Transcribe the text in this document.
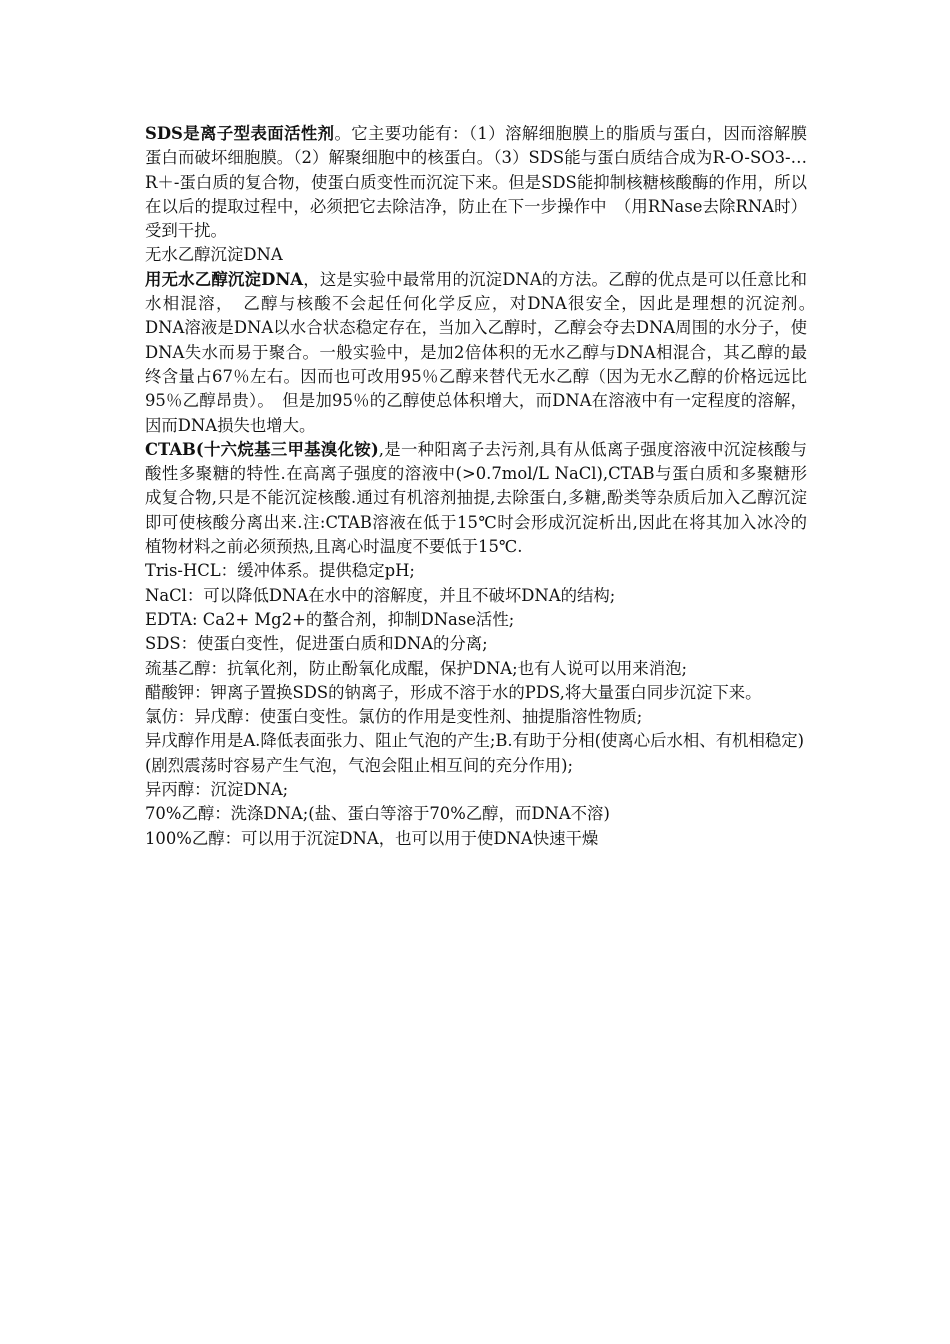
SDS是离子型表面活性剂。它主要功能有：（1）溶解细胞膜上的脂质与蛋白，因而溶解膜蛋白而破坏细胞膜。（2）解聚细胞中的核蛋白。（3）SDS能与蛋白质结合成为R-O-SO3-…R＋-蛋白质的复合物，使蛋白质变性而沉淀下来。但是SDS能抑制核糖核酸酶的作用，所以在以后的提取过程中，必须把它去除洁净，防止在下一步操作中　（用RNase去除RNA时）受到干扰。

无水乙醇沉淀DNA

用无水乙醇沉淀DNA，这是实验中最常用的沉淀DNA的方法。乙醇的优点是可以任意比和水相混溶，　乙醇与核酸不会起任何化学反应，对DNA很安全，因此是理想的沉淀剂。　DNA溶液是DNA以水合状态稳定存在，当加入乙醇时，乙醇会夺去DNA周围的水分子，使DNA失水而易于聚合。一般实验中，是加2倍体积的无水乙醇与DNA相混合，其乙醇的最终含量占67％左右。因而也可改用95％乙醇来替代无水乙醇（因为无水乙醇的价格远远比95％乙醇昂贵）。　但是加95％的乙醇使总体积增大，而DNA在溶液中有一定程度的溶解，因而DNA损失也增大。

CTAB(十六烷基三甲基溴化铵),是一种阳离子去污剂,具有从低离子强度溶液中沉淀核酸与酸性多聚糖的特性.在高离子强度的溶液中(>0.7mol/L NaCl),CTAB与蛋白质和多聚糖形成复合物,只是不能沉淀核酸.通过有机溶剂抽提,去除蛋白,多糖,酚类等杂质后加入乙醇沉淀即可使核酸分离出来.注:CTAB溶液在低于15℃时会形成沉淀析出,因此在将其加入冰冷的　植物材料之前必须预热,且离心时温度不要低于15℃.

Tris-HCL：缓冲体系。提供稳定pH;

NaCl：可以降低DNA在水中的溶解度，并且不破坏DNA的结构;

EDTA: Ca2+ Mg2+的螯合剂，抑制DNase活性;

SDS：使蛋白变性，促进蛋白质和DNA的分离;

巯基乙醇：抗氧化剂，防止酚氧化成醌，保护DNA;也有人说可以用来消泡;

醋酸钾：钾离子置换SDS的钠离子，形成不溶于水的PDS,将大量蛋白同步沉淀下来。

氯仿：异戊醇：使蛋白变性。氯仿的作用是变性剂、抽提脂溶性物质;

异戊醇作用是A.降低表面张力、阻止气泡的产生;B.有助于分相(使离心后水相、有机相稳定)

(剧烈震荡时容易产生气泡，气泡会阻止相互间的充分作用);

异丙醇：沉淀DNA;

70%乙醇：洗涤DNA;(盐、蛋白等溶于70%乙醇，而DNA不溶)

100%乙醇：可以用于沉淀DNA，也可以用于使DNA快速干燥
